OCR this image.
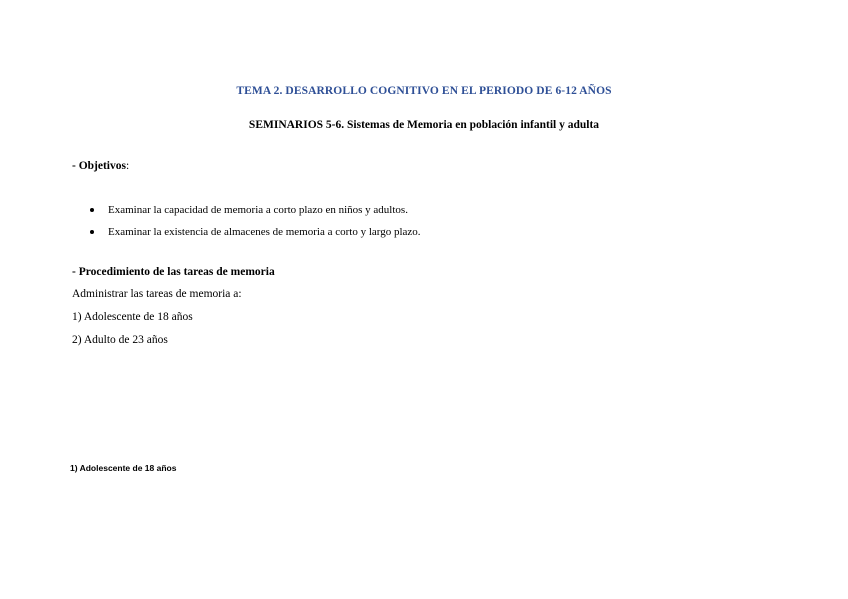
TEMA 2. DESARROLLO COGNITIVO EN EL PERIODO DE 6-12 AÑOS
SEMINARIOS 5-6. Sistemas de Memoria en población infantil y adulta
- Objetivos:
Examinar la capacidad de memoria a corto plazo en niños y adultos.
Examinar la existencia de almacenes de memoria a corto y largo plazo.
- Procedimiento de las tareas de memoria
Administrar las tareas de memoria a:
1) Adolescente de 18 años
2) Adulto de 23 años
1) Adolescente de 18 años
